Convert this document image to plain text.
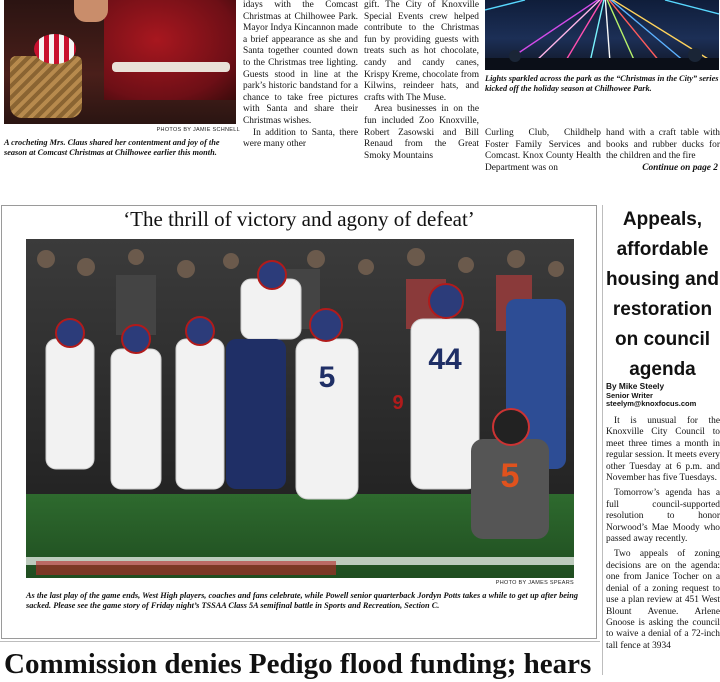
PHOTOS BY JAMIE SCHNELL
A crocheting Mrs. Claus shared her contentment and joy of the season at Comcast Christmas at Chilhowee earlier this month.

idays with the Comcast Christmas at Chilhowee Park. Mayor Indya Kincannon made a brief appearance as she and Santa together counted down to the Christmas tree lighting. Guests stood in line at the park’s historic bandstand for a chance to take free pictures with Santa and share their Christmas wishes.

In addition to Santa, there were many other

gift. The City of Knoxville Special Events crew helped contribute to the Christmas fun by providing guests with treats such as hot chocolate, candy and candy canes, Krispy Kreme, chocolate from Kilwins, reindeer hats, and crafts with The Muse.

Area businesses in on the fun included Zoo Knoxville, Robert Zasowski and Bill Renaud from the Great Smoky Mountains

Lights sparkled across the park as the “Christmas in the City” series kicked off the holiday season at Chilhowee Park.
Curling Club, Childhelp Foster Family Services and Comcast. Knox County Health Department was on
hand with a craft table with books and rubber ducks for the children and the fire
Continue on page 2
‘The thrill of victory and agony of defeat’
44
5
5
9
PHOTO BY JAMES SPEARS
As the last play of the game ends, West High players, coaches and fans celebrate, while Powell senior quarterback Jordyn Potts takes a while to get up after being sacked. Please see the game story of Friday night’s TSSAA Class 5A semifinal battle in Sports and Recreation, Section C.
Appeals,
affordable
housing and
restoration
on council
agenda
By Mike Steely
Senior Writer
steelym@knoxfocus.com

It is unusual for the Knoxville City Council to meet three times a month in regular session. It meets every other Tuesday at 6 p.m. and November has five Tuesdays.

Tomorrow’s agenda has a full council-supported resolution to honor Norwood’s Mae Moody who passed away recently.

Two appeals of zoning decisions are on the agenda: one from Janice Tocher on a denial of a zoning request to use a plan review at 451 West Blount Avenue. Arlene Gnoose is asking the council to waive a denial of a 72-inch tall fence at 3934

Commission denies Pedigo flood funding; hears
